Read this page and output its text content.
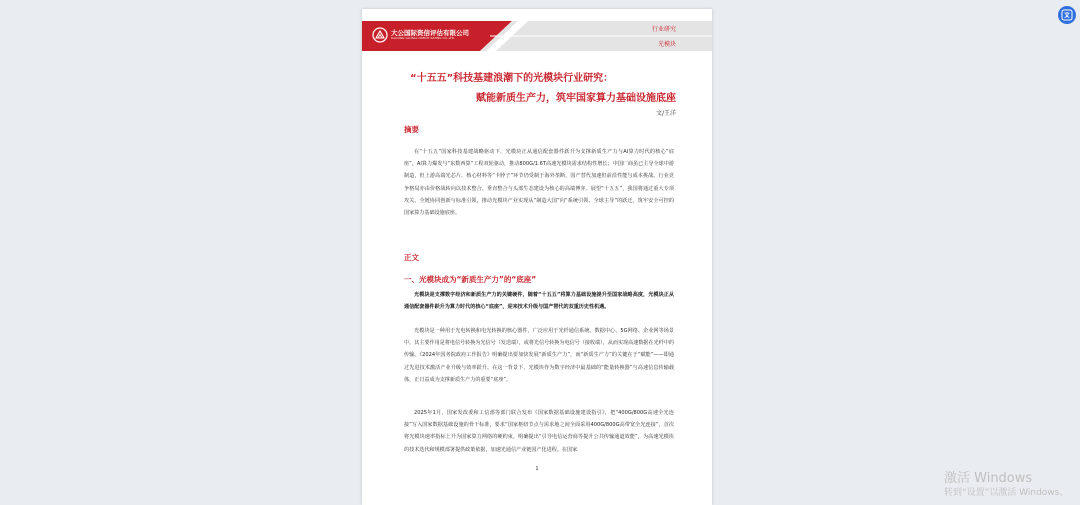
大公国际资信评估有限公司
DAGONG GLOBAL CREDIT RATING CO.,LTD.
行业研究
光模块
“十五五”科技基建浪潮下的光模块行业研究：
赋能新质生产力，筑牢国家算力基础设施底座
文/王洋
摘要

在“十五五”国家科技基建战略驱动下，光模块正从通信配套器件跃升为支撑新质生产力与AI算力时代的核心“底座”。AI算力爆发与“东数西算”工程双轮驱动，推动800G/1.6T高速光模块需求结构性增长；中国厂商虽已主导全球中游制造，但上游高端光芯片、核心材料等“卡脖子”环节仍受制于海外垄断，国产替代加速但前沿性能与成本挑战。行业竞争格局亦由价格战转向以技术整合、垂直整合与头部生态建设为核心的高端博弈。展望“十五五”，我国将通过重大专项攻关、全链协同创新与标准引领，推动光模块产业实现从“制造大国”向“系统引领、全球主导”的跃迁，筑牢安全可控的国家算力基础设施底座。

正文
一、光模块成为“新质生产力”的“底座”

光模块是支撑数字经济和新质生产力的关键硬件，随着“十五五”将算力基础设施提升至国家战略高度，光模块正从通信配套器件跃升为算力时代的核心“底座”，迎来技术升级与国产替代的双重历史性机遇。

光模块是一种用于光电转换和电光转换的核心器件，广泛应用于光纤通信系统、数据中心、5G网络、企业网等场景中。其主要作用是将电信号转换为光信号（发送端），或将光信号转换为电信号（接收端），从而实现高速数据在光纤中的传输。《2024年国务院政府工作报告》明确提出要加快发展“新质生产力”，而“新质生产力”的关键在于“赋能”——即通过先进技术激活产业升级与效率跃升。在这一背景下，光模块作为数字经济中最基础的“能量转换器”与高速信息传输载体，正日益成为支撑新质生产力的重要“底座”。

2025年1月，国家发改委和工信部等部门联合发布《国家数据基础设施建设指引》，把“400G/800G高速全光连接”写入国家数据基础设施的骨干标准，要求“国家枢纽节点与需求地之间全面采用400G/800G高带宽全光连接”，首次将光模块速率指标上升为国家算力网络的硬约束，明确提出“引导电信运营商等提升公共传输通道效能”，为高速光模块的技术迭代和规模部署提供政策依据，加速光通信产业链国产化进程。在国家

1
激活 Windows
转到“设置”以激活 Windows。
